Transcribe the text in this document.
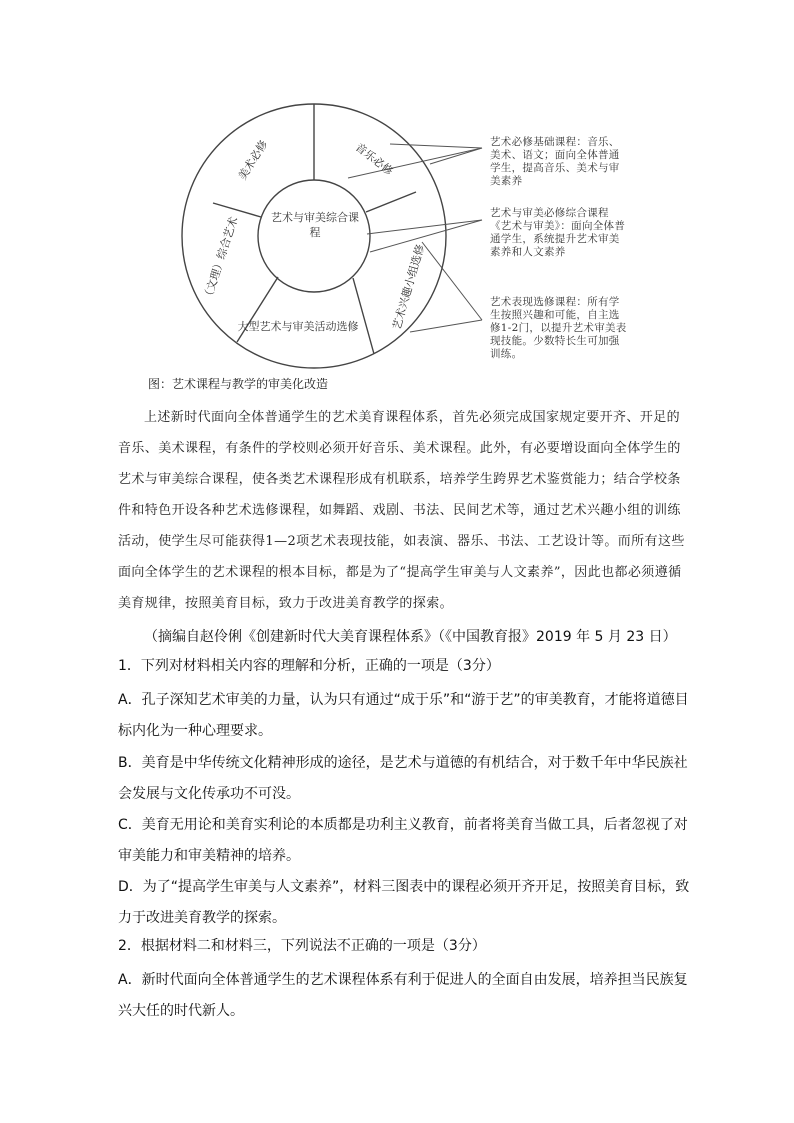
美术必修	音乐必修
（文理）综合艺术	艺术兴趣小组选修
大型艺术与审美活动选修
艺术与审美综合课程
艺术必修基础课程：音乐、美术、语文；面向全体普通学生，提高音乐、美术与审美素养
艺术与审美必修综合课程《艺术与审美》：面向全体普通学生，系统提升艺术审美素养和人文素养
艺术表现选修课程：所有学生按照兴趣和可能，自主选修1-2门，以提升艺术审美表现技能。少数特长生可加强训练。
图：艺术课程与教学的审美化改造
上述新时代面向全体普通学生的艺术美育课程体系，首先必须完成国家规定要开齐、开足的音乐、美术课程，有条件的学校则必须开好音乐、美术课程。此外，有必要增设面向全体学生的艺术与审美综合课程，使各类艺术课程形成有机联系，培养学生跨界艺术鉴赏能力；结合学校条件和特色开设各种艺术选修课程，如舞蹈、戏剧、书法、民间艺术等，通过艺术兴趣小组的训练活动，使学生尽可能获得1—2项艺术表现技能，如表演、器乐、书法、工艺设计等。而所有这些面向全体学生的艺术课程的根本目标，都是为了“提高学生审美与人文素养”，因此也都必须遵循美育规律，按照美育目标，致力于改进美育教学的探索。
（摘编自赵伶俐《创建新时代大美育课程体系》（《中国教育报》2019 年 5 月 23 日）
1．下列对材料相关内容的理解和分析，正确的一项是（3分）
A．孔子深知艺术审美的力量，认为只有通过“成于乐”和“游于艺”的审美教育，才能将道德目标内化为一种心理要求。
B．美育是中华传统文化精神形成的途径，是艺术与道德的有机结合，对于数千年中华民族社会发展与文化传承功不可没。
C．美育无用论和美育实利论的本质都是功利主义教育，前者将美育当做工具，后者忽视了对审美能力和审美精神的培养。
D．为了“提高学生审美与人文素养”，材料三图表中的课程必须开齐开足，按照美育目标，致力于改进美育教学的探索。
2．根据材料二和材料三，下列说法不正确的一项是（3分）
A．新时代面向全体普通学生的艺术课程体系有利于促进人的全面自由发展，培养担当民族复兴大任的时代新人。
